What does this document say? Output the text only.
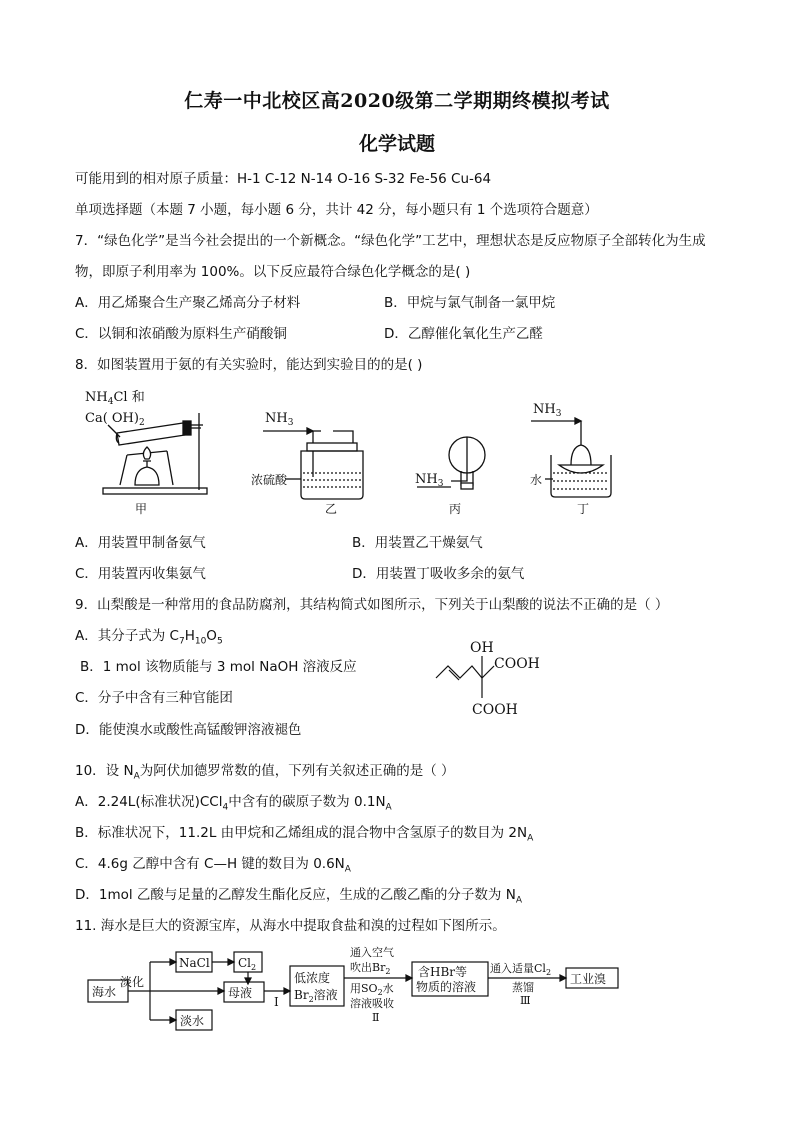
仁寿一中北校区高2020级第二学期期终模拟考试
化学试题
可能用到的相对原子质量：H-1 C-12 N-14 O-16 S-32 Fe-56 Cu-64
单项选择题（本题 7 小题，每小题 6 分，共计 42 分，每小题只有 1 个选项符合题意）
7．“绿色化学”是当今社会提出的一个新概念。“绿色化学”工艺中，理想状态是反应物原子全部转化为生成
物，即原子利用率为 100%。以下反应最符合绿色化学概念的是( )
A．用乙烯聚合生产聚乙烯高分子材料	B．甲烷与氯气制备一氯甲烷
C．以铜和浓硝酸为原料生产硝酸铜	D．乙醇催化氧化生产乙醛
8．如图装置用于氨的有关实验时，能达到实验目的的是( )
$NH_4Cl$ 和
Ca( $OH)_2$
甲
$NH_3$
浓硫酸
乙
$NH_3$
丙
$NH_3$
水
丁
A．用装置甲制备氨气	B．用装置乙干燥氨气
C．用装置丙收集氨气	D．用装置丁吸收多余的氨气
9．山梨酸是一种常用的食品防腐剂，其结构简式如图所示，下列关于山梨酸的说法不正确的是（ ）
A．其分子式为 $C_7H_{10}O_5$
B．1 mol 该物质能与 3 mol NaOH 溶液反应
C．分子中含有三种官能团
D．能使溴水或酸性高锰酸钾溶液褪色
OH
COOH
COOH
10．设 $N_A$为阿伏加德罗常数的值，下列有关叙述正确的是（ ）
A．2.24L(标准状况)CCl$_4$中含有的碳原子数为 $0.1N_A$
B．标准状况下，11.2L 由甲烷和乙烯组成的混合物中含氢原子的数目为 $2N_A$
C．4.6g 乙醇中含有 C—H 键的数目为 $0.6N_A$
D．1mol 乙酸与足量的乙醇发生酯化反应，生成的乙酸乙酯的分子数为 $N_A$
11. 海水是巨大的资源宝库，从海水中提取食盐和溴的过程如下图所示。
海水
淡化
NaCl $Cl_2$
母液
淡水
I
低浓度
$Br_2$溶液
通入空气
吹出$Br_2$
用$SO_2$水
溶液吸收
Ⅱ
含HBr等
物质的溶液
通入适量$Cl_2$
蒸馏
Ⅲ
工业溴
